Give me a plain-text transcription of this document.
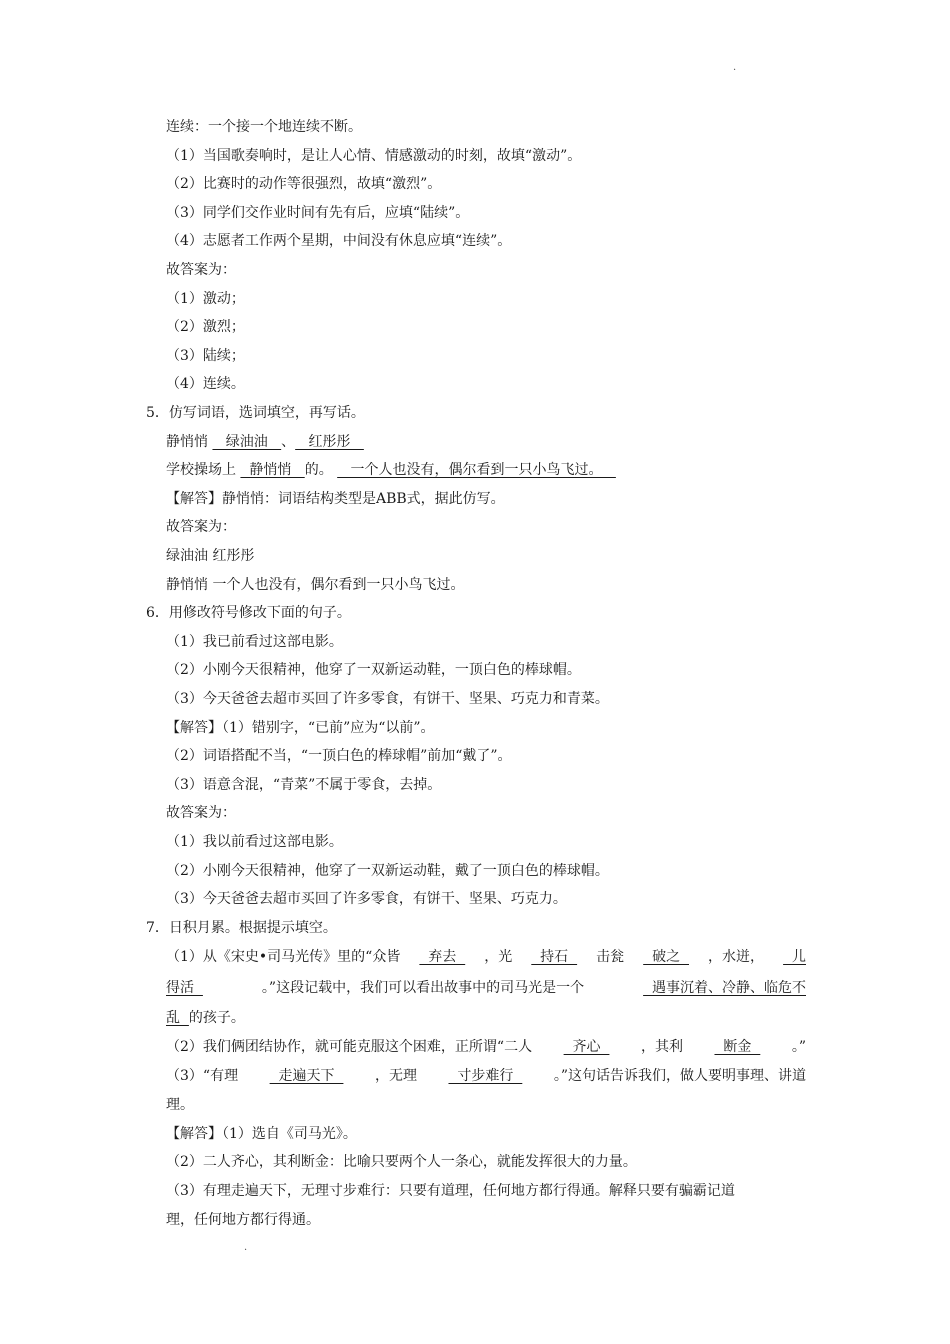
·
连续：一个接一个地连续不断。
（1）当国歌奏响时，是让人心情、情感激动的时刻，故填“激动”。
（2）比赛时的动作等很强烈，故填“激烈”。
（3）同学们交作业时间有先有后，应填“陆续”。
（4）志愿者工作两个星期，中间没有休息应填“连续”。
故答案为：
（1）激动；
（2）激烈；
（3）陆续；
（4）连续。
5．仿写词语，选词填空，再写话。
静悄悄    绿油油   、   红彤彤
学校操场上   静悄悄   的。    一个人也没有，偶尔看到一只小鸟飞过。
【解答】静悄悄：词语结构类型是ABB式，据此仿写。
故答案为：
绿油油 红彤彤
静悄悄 一个人也没有，偶尔看到一只小鸟飞过。
6．用修改符号修改下面的句子。
（1）我已前看过这部电影。
（2）小刚今天很精神，他穿了一双新运动鞋，一顶白色的棒球帽。
（3）今天爸爸去超市买回了许多零食，有饼干、坚果、巧克力和青菜。
【解答】（1）错别字，“已前”应为“以前”。
（2）词语搭配不当，“一顶白色的棒球帽”前加“戴了”。
（3）语意含混，“青菜”不属于零食，去掉。
故答案为：
（1）我以前看过这部电影。
（2）小刚今天很精神，他穿了一双新运动鞋，戴了一顶白色的棒球帽。
（3）今天爸爸去超市买回了许多零食，有饼干、坚果、巧克力。
7．日积月累。根据提示填空。
（1）从《宋史•司马光传》里的“众皆 弃去 ，光 持石 击瓮 破之 ，水迸， 儿
得活	。”这段记载中，我们可以看出故事中的司马光是一个	遇事沉着、冷静、临危不
乱  的孩子。
（2）我们俩团结协作，就可能克服这个困难，正所谓“二人 齐心 ，其利 断金 。”
（3）“有理 走遍天下 ，无理 寸步难行 。”这句话告诉我们，做人要明事理、讲道
理。
【解答】（1）选自《司马光》。
（2）二人齐心，其利断金：比喻只要两个人一条心，就能发挥很大的力量。
（3）有理走遍天下，无理寸步难行：只要有道理，任何地方都行得通。解释只要有骗霸记道
理，任何地方都行得通。
·
